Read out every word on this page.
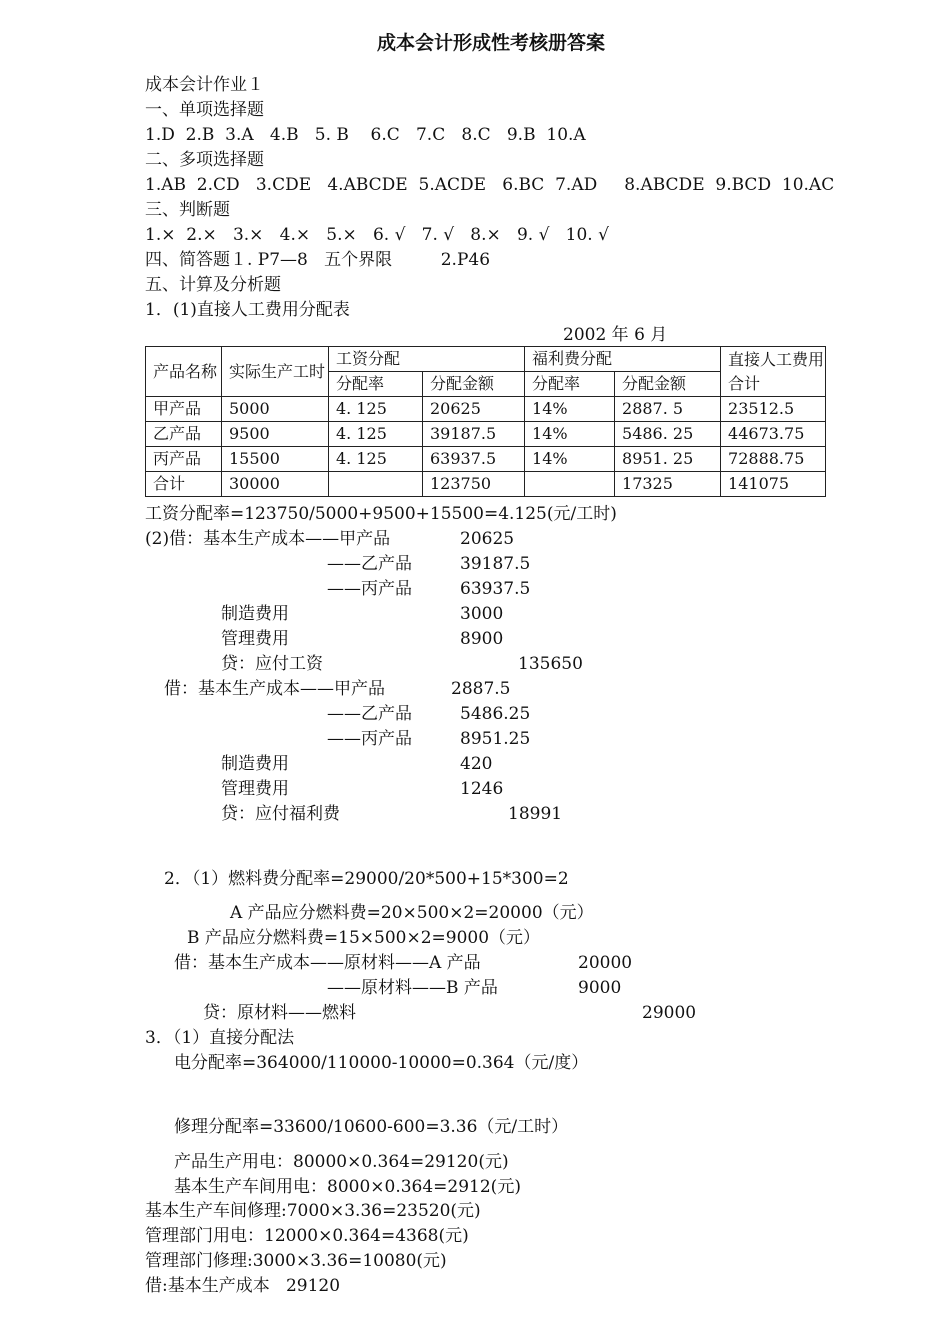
成本会计形成性考核册答案
成本会计作业１
一、单项选择题
1.D  2.B  3.A   4.B   5. B    6.C   7.C   8.C   9.B  10.A
二、多项选择题
1.AB  2.CD   3.CDE   4.ABCDE  5.ACDE   6.BC  7.AD     8.ABCDE  9.BCD  10.AC
三、判断题
1.×  2.×   3.×   4.×   5.×   6. √   7. √   8.×   9. √   10. √
四、简答题１. P7—8   五个界限         2.P46
五、计算及分析题
1．(1)直接人工费用分配表
2002 年 6 月
产品名称	实际生产工时	工资分配		福利费分配		直接人工费用合计
		分配率	分配金额	分配率	分配金额	
甲产品	5000	4. 125	20625	14%	2887. 5	23512.5
乙产品	9500	4. 125	39187.5	14%	5486. 25	44673.75
丙产品	15500	4. 125	63937.5	14%	8951. 25	72888.75
合计	30000		123750		17325	141075
工资分配率=123750/5000+9500+15500=4.125(元/工时)
(2)借：基本生产成本——甲产品	20625
——乙产品	39187.5
——丙产品	63937.5
制造费用	3000
管理费用	8900
贷：应付工资	135650
借：基本生产成本——甲产品	2887.5
——乙产品	5486.25
——丙产品	8951.25
制造费用	420
管理费用	1246
贷：应付福利费	18991
2．（1）燃料费分配率=29000/20*500+15*300=2
A 产品应分燃料费=20×500×2=20000（元）
B 产品应分燃料费=15×500×2=9000（元）
借：基本生产成本——原材料——A 产品	20000
——原材料——B 产品	9000
贷：原材料——燃料	29000
3．（1）直接分配法
电分配率=364000/110000-10000=0.364（元/度）
修理分配率=33600/10600-600=3.36（元/工时）
产品生产用电：80000×0.364=29120(元)
基本生产车间用电：8000×0.364=2912(元)
基本生产车间修理:7000×3.36=23520(元)
管理部门用电：12000×0.364=4368(元)
管理部门修理:3000×3.36=10080(元)
借:基本生产成本   29120
